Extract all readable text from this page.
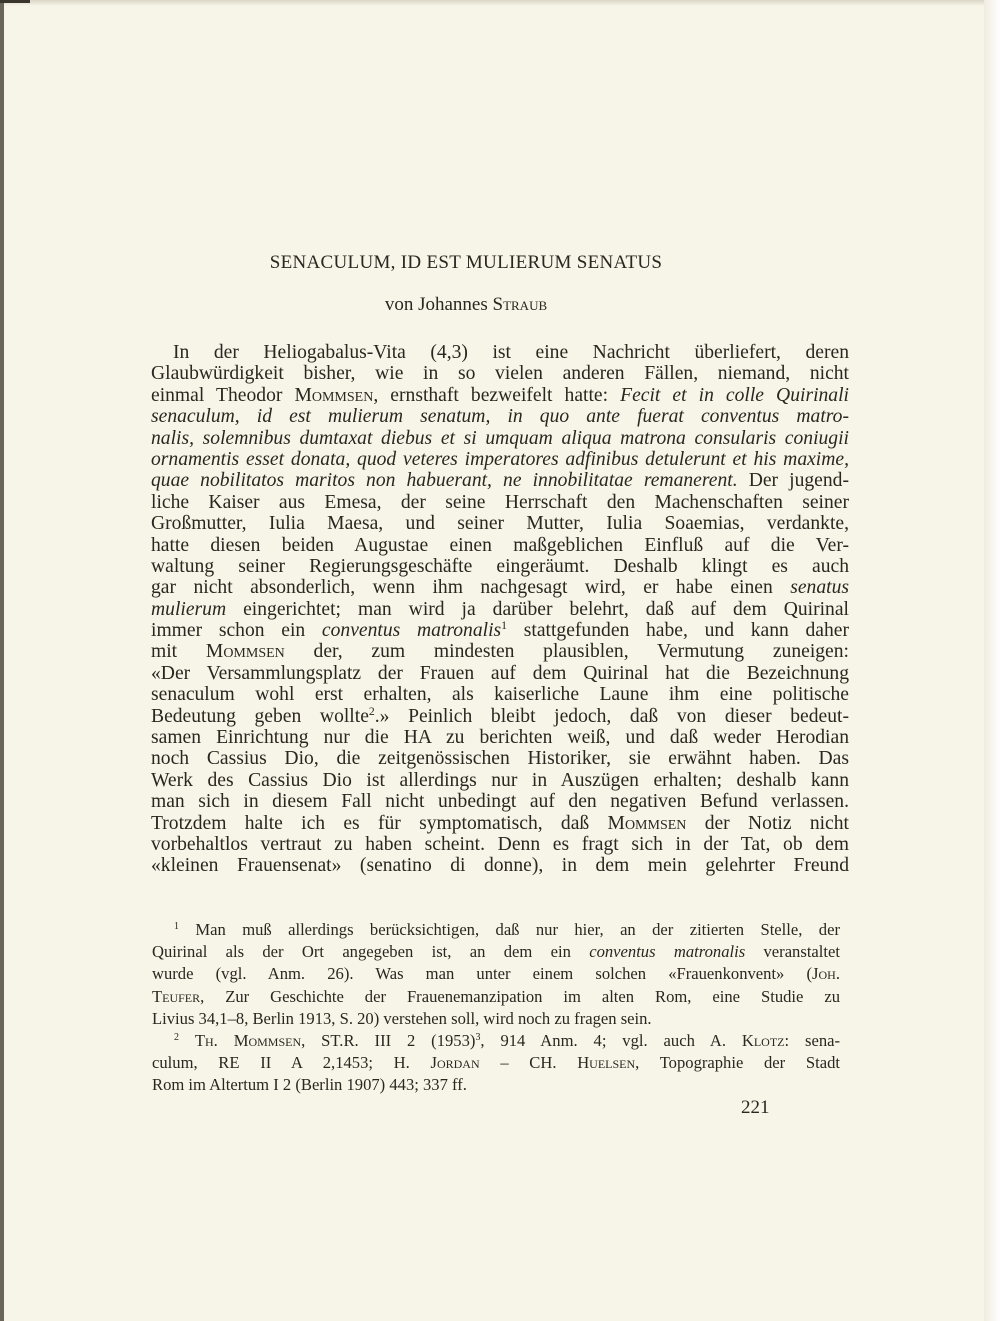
SENACULUM, ID EST MULIERUM SENATUS
von Johannes Straub
In der Heliogabalus-Vita (4,3) ist eine Nachricht überliefert, deren
Glaubwürdigkeit bisher, wie in so vielen anderen Fällen, niemand, nicht
einmal Theodor Mommsen, ernsthaft bezweifelt hatte: Fecit et in colle Quirinali
senaculum, id est mulierum senatum, in quo ante fuerat conventus matro-
nalis, solemnibus dumtaxat diebus et si umquam aliqua matrona consularis coniugii
ornamentis esset donata, quod veteres imperatores adfinibus detulerunt et his maxime,
quae nobilitatos maritos non habuerant, ne innobilitatae remanerent. Der jugend-
liche Kaiser aus Emesa, der seine Herrschaft den Machenschaften seiner
Großmutter, Iulia Maesa, und seiner Mutter, Iulia Soaemias, verdankte,
hatte diesen beiden Augustae einen maßgeblichen Einfluß auf die Ver-
waltung seiner Regierungsgeschäfte eingeräumt. Deshalb klingt es auch
gar nicht absonderlich, wenn ihm nachgesagt wird, er habe einen senatus
mulierum eingerichtet; man wird ja darüber belehrt, daß auf dem Quirinal
immer schon ein conventus matronalis$^1$ stattgefunden habe, und kann daher
mit Mommsen der, zum mindesten plausiblen, Vermutung zuneigen:
«Der Versammlungsplatz der Frauen auf dem Quirinal hat die Bezeichnung
senaculum wohl erst erhalten, als kaiserliche Laune ihm eine politische
Bedeutung geben wollte$^2$.» Peinlich bleibt jedoch, daß von dieser bedeut-
samen Einrichtung nur die HA zu berichten weiß, und daß weder Herodian
noch Cassius Dio, die zeitgenössischen Historiker, sie erwähnt haben. Das
Werk des Cassius Dio ist allerdings nur in Auszügen erhalten; deshalb kann
man sich in diesem Fall nicht unbedingt auf den negativen Befund verlassen.
Trotzdem halte ich es für symptomatisch, daß Mommsen der Notiz nicht
vorbehaltlos vertraut zu haben scheint. Denn es fragt sich in der Tat, ob dem
«kleinen Frauensenat» (senatino di donne), in dem mein gelehrter Freund
$^1$ Man muß allerdings berücksichtigen, daß nur hier, an der zitierten Stelle, der
Quirinal als der Ort angegeben ist, an dem ein conventus matronalis veranstaltet
wurde (vgl. Anm. 26). Was man unter einem solchen «Frauenkonvent» (Joh.
Teufer, Zur Geschichte der Frauenemanzipation im alten Rom, eine Studie zu
Livius 34,1–8, Berlin 1913, S. 20) verstehen soll, wird noch zu fragen sein.
$^2$ Th. Mommsen, ST.R. III 2 $(1953)^3$, 914 Anm. 4; vgl. auch A. Klotz: sena-
culum, RE II A 2,1453; H. Jordan – CH. Huelsen, Topographie der Stadt
Rom im Altertum I 2 (Berlin 1907) 443; 337 ff.
221
